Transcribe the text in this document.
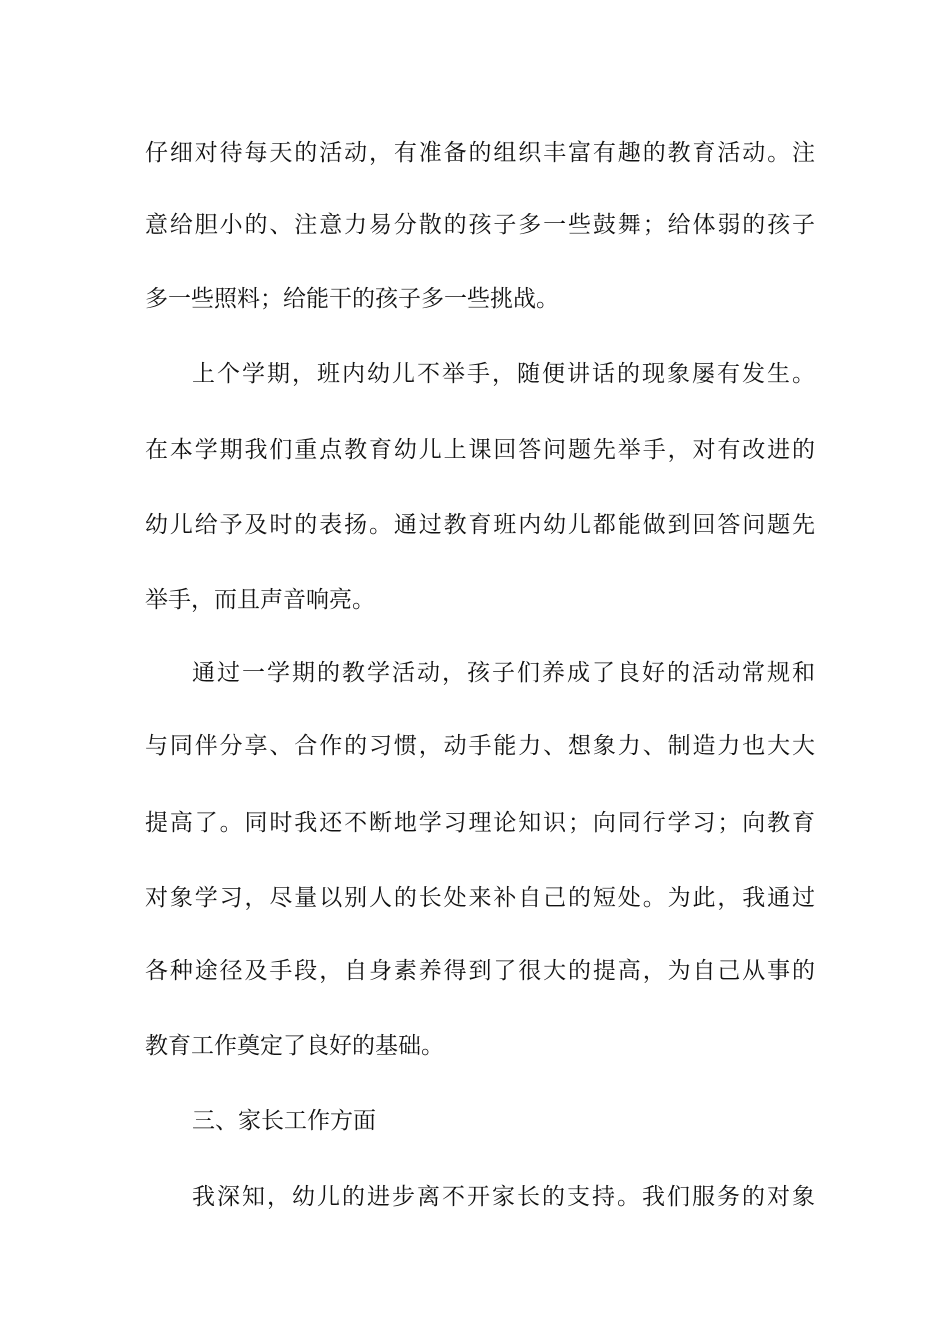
仔细对待每天的活动，有准备的组织丰富有趣的教育活动。注
意给胆小的、注意力易分散的孩子多一些鼓舞；给体弱的孩子
多一些照料；给能干的孩子多一些挑战。
上个学期，班内幼儿不举手，随便讲话的现象屡有发生。
在本学期我们重点教育幼儿上课回答问题先举手，对有改进的
幼儿给予及时的表扬。通过教育班内幼儿都能做到回答问题先
举手，而且声音响亮。
通过一学期的教学活动，孩子们养成了良好的活动常规和
与同伴分享、合作的习惯，动手能力、想象力、制造力也大大
提高了。同时我还不断地学习理论知识；向同行学习；向教育
对象学习，尽量以别人的长处来补自己的短处。为此，我通过
各种途径及手段，自身素养得到了很大的提高，为自己从事的
教育工作奠定了良好的基础。
三、家长工作方面
我深知，幼儿的进步离不开家长的支持。我们服务的对象
